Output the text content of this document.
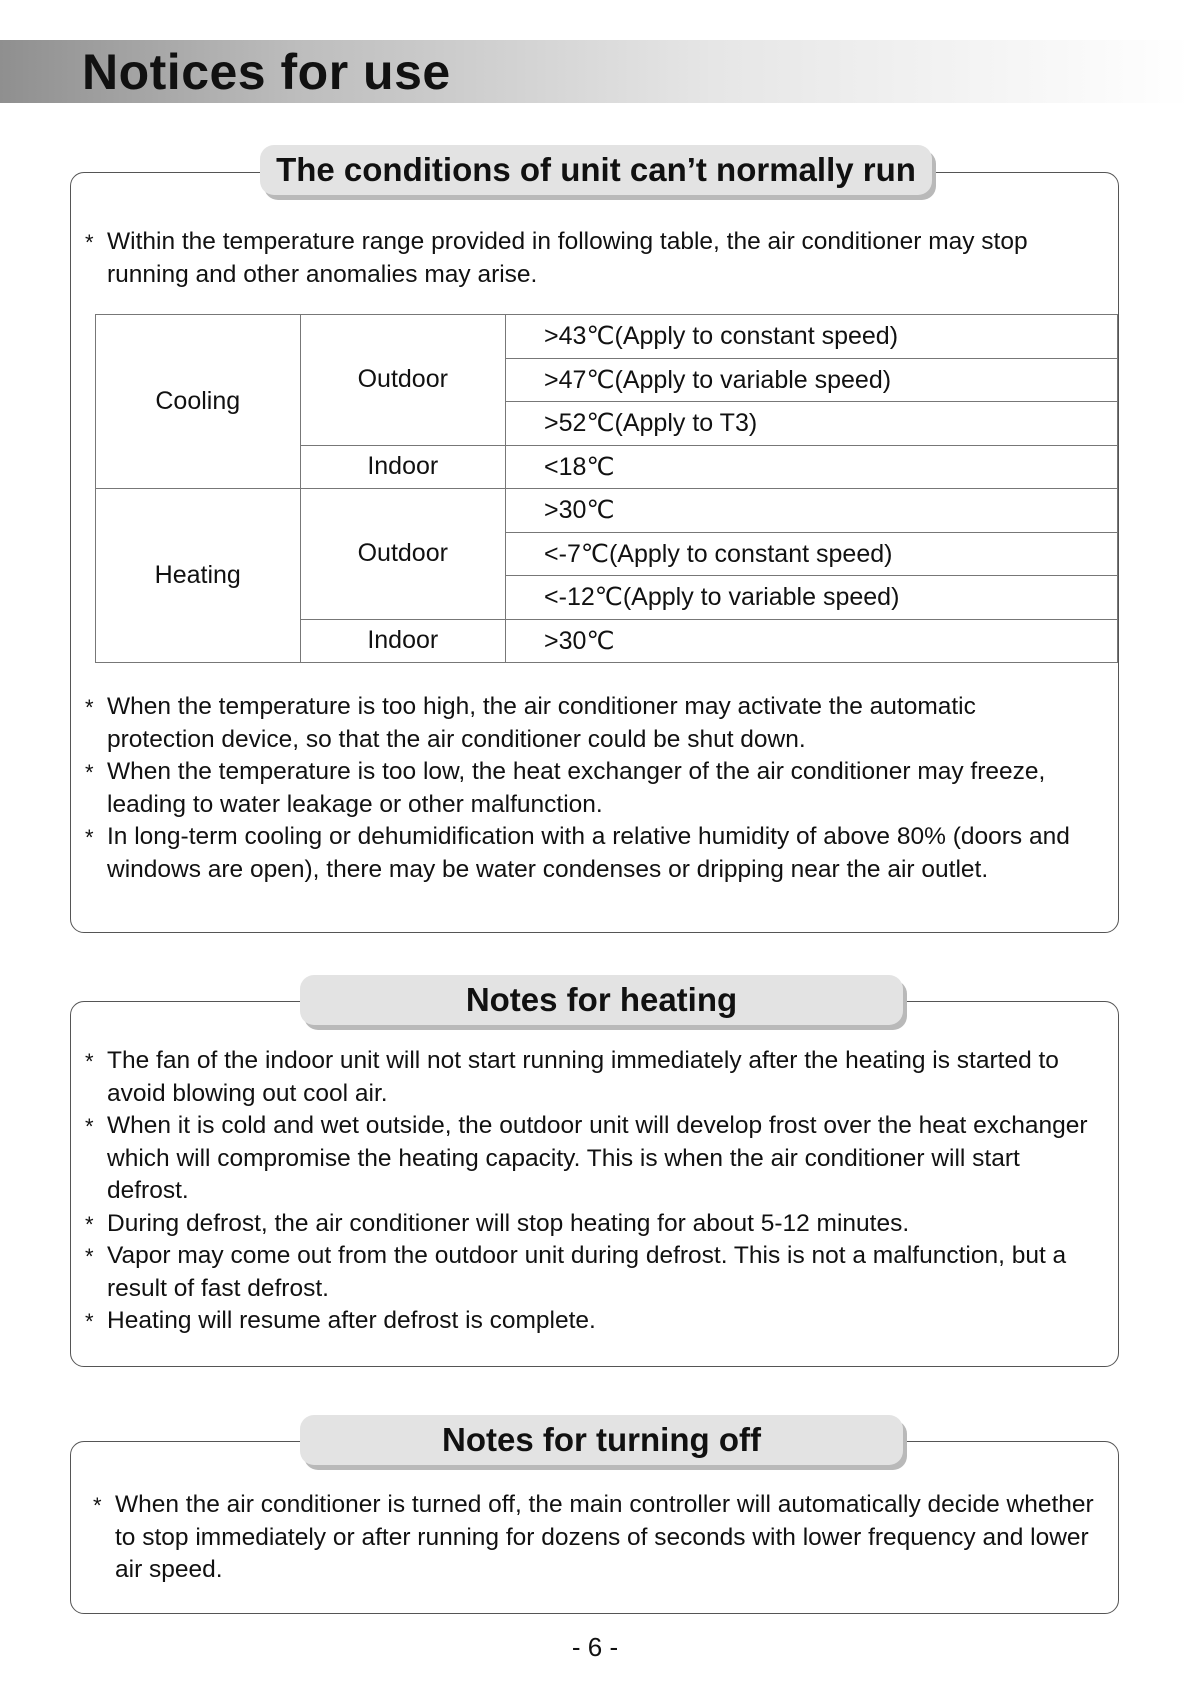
Notices for use
* Within the temperature range provided in following table, the air conditioner may stop running and other anomalies may arise.
Cooling	Outdoor	>43℃(Apply to constant speed)
		>47℃(Apply to variable speed)
		>52℃(Apply to T3)
	Indoor	<18℃
Heating	Outdoor	>30℃
		<-7℃(Apply to constant speed)
		<-12℃(Apply to variable speed)
	Indoor	>30℃
* When the temperature is too high, the air conditioner may activate the automatic protection device, so that the air conditioner could be shut down.
* When the temperature is too low, the heat exchanger of the air conditioner may freeze, leading to water leakage or other malfunction.
* In long-term cooling or dehumidification with a relative humidity of above 80% (doors and windows are open), there may be water condenses or dripping near the air outlet.
The conditions of unit can’t normally run
* The fan of the indoor unit will not start running immediately after the heating is started to avoid blowing out cool air.
* When it is cold and wet outside, the outdoor unit will develop frost over the heat exchanger which will compromise the heating capacity. This is when the air conditioner will start defrost.
* During defrost, the air conditioner will stop heating for about 5-12 minutes.
* Vapor may come out from the outdoor unit during defrost. This is not a malfunction, but a result of fast defrost.
* Heating will resume after defrost is complete.
Notes for heating
* When the air conditioner is turned off, the main controller will automatically decide whether to stop immediately or after running for dozens of seconds with lower frequency and lower air speed.
Notes for turning off
- 6 -
